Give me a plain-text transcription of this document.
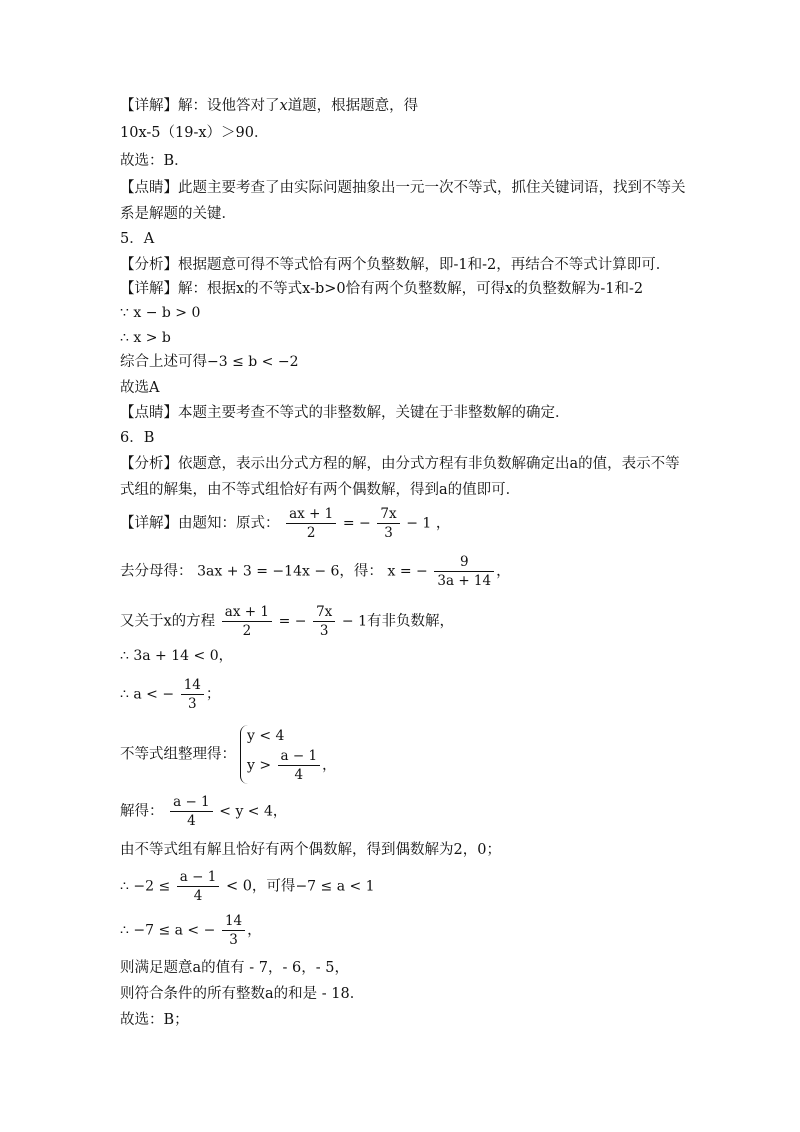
【详解】解：设他答对了x道题，根据题意，得
10x-5（19-x）＞90．
故选：B．
【点睛】此题主要考查了由实际问题抽象出一元一次不等式，抓住关键词语，找到不等关
系是解题的关键．
5．A
【分析】根据题意可得不等式恰有两个负整数解，即-1和-2，再结合不等式计算即可．
【详解】解：根据x的不等式x-b>0恰有两个负整数解，可得x的负整数解为-1和-2
∵ x − b > 0
∴ x > b
综合上述可得−3 ≤ b < −2
故选A
【点睛】本题主要考查不等式的非整数解，关键在于非整数解的确定．
6．B
【分析】依题意，表示出分式方程的解，由分式方程有非负数解确定出a的值，表示不等
式组的解集，由不等式组恰好有两个偶数解，得到a的值即可．
【详解】由题知：原式： $\frac{ax + 1}{2}$ = − $\frac{7x}{3} - 1$ ，
去分母得： 3ax + 3 = −14x − 6，得： x = − $\frac{9}{3a + 14}$ ，
又关于x的方程 $\frac{ax + 1}{2}$ = − $\frac{7x}{3} - 1$有非负数解，
∴ 3a + 14 < 0，
∴ a < − $\frac{14}{3}$ ；
不等式组整理得：
y < 4
$y > \frac{a - 1}{4}$ ，
解得： $\frac{a - 1}{4} < y < 4$，
由不等式组有解且恰好有两个偶数解，得到偶数解为2，0；
∴ $-2 \le \frac{a - 1}{4} < 0$，可得−7 ≤ a < 1
∴ −7 ≤ a < − $\frac{14}{3}$ ，
则满足题意a的值有 - 7，- 6，- 5，
则符合条件的所有整数a的和是 - 18．
故选：B；
